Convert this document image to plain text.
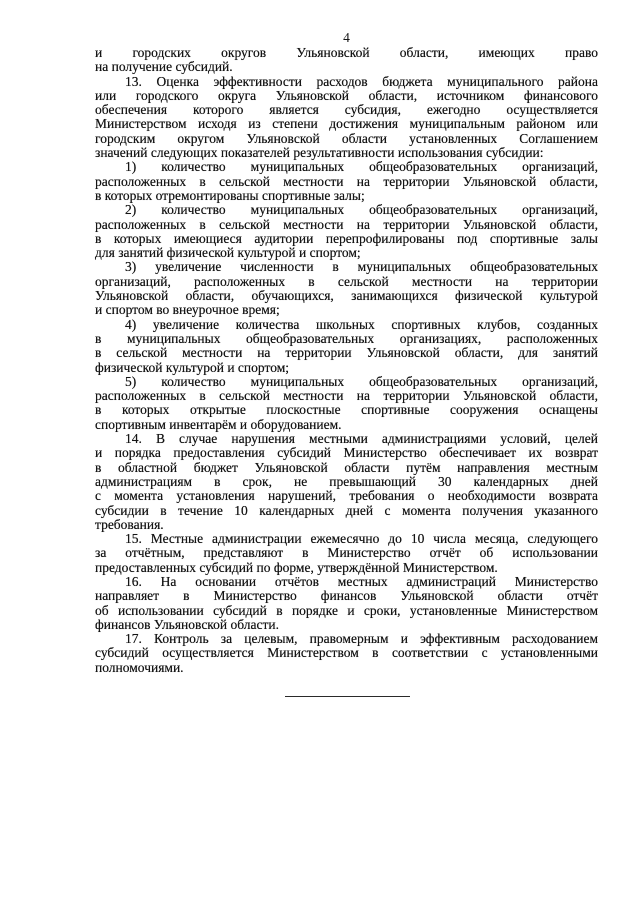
4
и городских округов Ульяновской области, имеющих право
на получение субсидий.
13. Оценка эффективности расходов бюджета муниципального района
или городского округа Ульяновской области, источником финансового
обеспечения которого является субсидия, ежегодно осуществляется
Министерством исходя из степени достижения муниципальным районом или
городским округом Ульяновской области установленных Соглашением
значений следующих показателей результативности использования субсидии:
1) количество муниципальных общеобразовательных организаций,
расположенных в сельской местности на территории Ульяновской области,
в которых отремонтированы спортивные залы;
2) количество муниципальных общеобразовательных организаций,
расположенных в сельской местности на территории Ульяновской области,
в которых имеющиеся аудитории перепрофилированы под спортивные залы
для занятий физической культурой и спортом;
3) увеличение численности в муниципальных общеобразовательных
организаций, расположенных в сельской местности на территории
Ульяновской области, обучающихся, занимающихся физической культурой
и спортом во внеурочное время;
4) увеличение количества школьных спортивных клубов, созданных
в муниципальных общеобразовательных организациях, расположенных
в сельской местности на территории Ульяновской области, для занятий
физической культурой и спортом;
5) количество муниципальных общеобразовательных организаций,
расположенных в сельской местности на территории Ульяновской области,
в которых открытые плоскостные спортивные сооружения оснащены
спортивным инвентарём и оборудованием.
14. В случае нарушения местными администрациями условий, целей
и порядка предоставления субсидий Министерство обеспечивает их возврат
в областной бюджет Ульяновской области путём направления местным
администрациям в срок, не превышающий 30 календарных дней
с момента установления нарушений, требования о необходимости возврата
субсидии в течение 10 календарных дней с момента получения указанного
требования.
15. Местные администрации ежемесячно до 10 числа месяца, следующего
за отчётным, представляют в Министерство отчёт об использовании
предоставленных субсидий по форме, утверждённой Министерством.
16. На основании отчётов местных администраций Министерство
направляет в Министерство финансов Ульяновской области отчёт
об использовании субсидий в порядке и сроки, установленные Министерством
финансов Ульяновской области.
17. Контроль за целевым, правомерным и эффективным расходованием
субсидий осуществляется Министерством в соответствии с установленными
полномочиями.
